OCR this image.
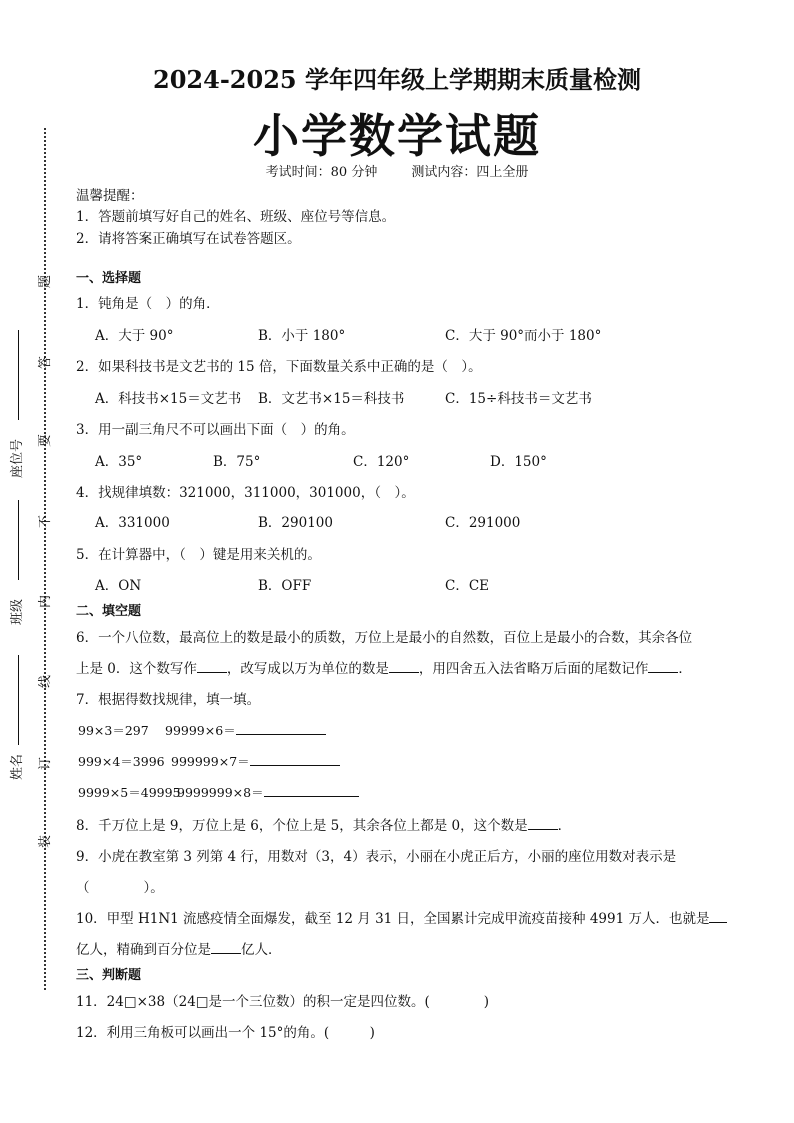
题
答
要
不
内
线
订
装
座位号
班级
姓名
2024-2025 学年四年级上学期期末质量检测
小学数学试题
考试时间：80 分钟	测试内容：四上全册
温馨提醒：
1．答题前填写好自己的姓名、班级、座位号等信息。
2．请将答案正确填写在试卷答题区。
一、选择题
1．钝角是（　）的角．
A．大于 90°	B．小于 180°	C．大于 90°而小于 180°
2．如果科技书是文艺书的 15 倍，下面数量关系中正确的是（　）。
A．科技书×15＝文艺书 B．文艺书×15＝科技书	C．15÷科技书＝文艺书
3．用一副三角尺不可以画出下面（　）的角。
A．35°	B．75°	C．120°	D．150°
4．找规律填数：321000，311000，301000，（　）。
A．331000	B．290100	C．291000
5．在计算器中，（　）键是用来关机的。
A．ON	B．OFF	C．CE
二、填空题
6．一个八位数，最高位上的数是最小的质数，万位上是最小的自然数，百位上是最小的合数，其余各位
上是 0．这个数写作 ，改写成以万为单位的数是 ，用四舍五入法省略万后面的尾数记作 ．
7．根据得数找规律，填一填。
99×3＝297 99999×6＝
999×4＝3996 999999×7＝
9999×5＝49995
9999999×8＝
8．千万位上是 9，万位上是 6，个位上是 5，其余各位上都是 0，这个数是 ．
9．小虎在教室第 3 列第 4 行，用数对（3，4）表示，小丽在小虎正后方，小丽的座位用数对表示是
（　　　　）。
10．甲型 H1N1 流感疫情全面爆发，截至 12 月 31 日，全国累计完成甲流疫苗接种 4991 万人．也就是
亿人，精确到百分位是 亿人．
三、判断题
11．24□×38（24□是一个三位数）的积一定是四位数。(　　　　)
12．利用三角板可以画出一个 15°的角。(　　　)
